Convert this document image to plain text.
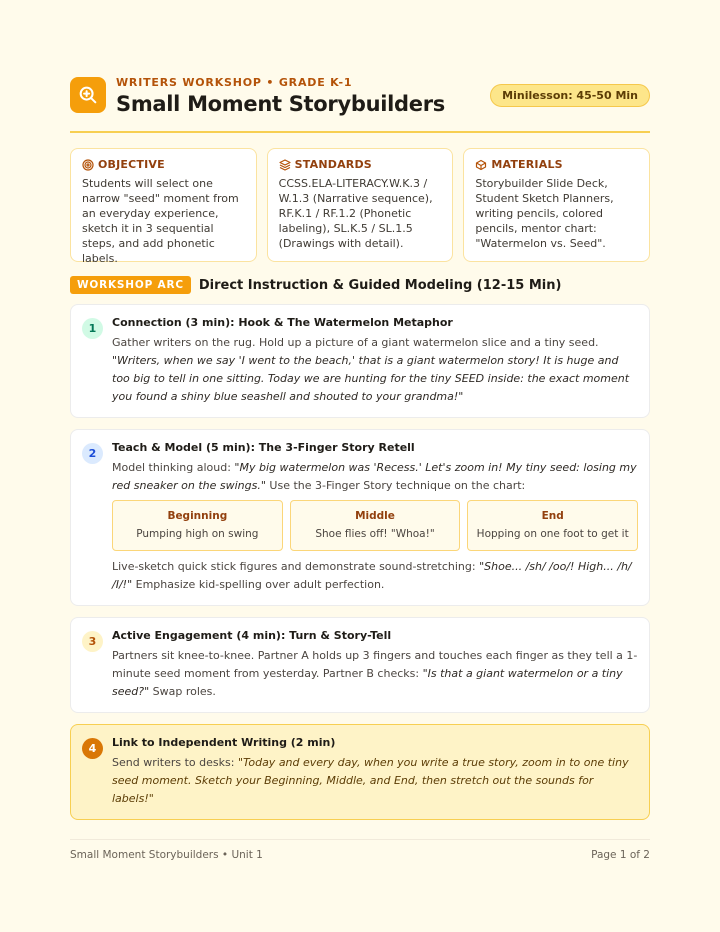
WRITERS WORKSHOP • GRADE K-1
Small Moment Storybuilders	Minilesson: 45-50 Min
OBJECTIVE
Students will select one narrow "seed" moment from an everyday experience, sketch it in 3 sequential steps, and add phonetic labels.
STANDARDS
CCSS.ELA-LITERACY.W.K.3 / W.1.3 (Narrative sequence), RF.K.1 / RF.1.2 (Phonetic labeling), SL.K.5 / SL.1.5 (Drawings with detail).
MATERIALS
Storybuilder Slide Deck, Student Sketch Planners, writing pencils, colored pencils, mentor chart: "Watermelon vs. Seed".
WORKSHOP ARC	Direct Instruction & Guided Modeling (12-15 Min)
1	Connection (3 min): Hook & The Watermelon Metaphor
Gather writers on the rug. Hold up a picture of a giant watermelon slice and a tiny seed. "Writers, when we say 'I went to the beach,' that is a giant watermelon story! It is huge and too big to tell in one sitting. Today we are hunting for the tiny SEED inside: the exact moment you found a shiny blue seashell and shouted to your grandma!"
2	Teach & Model (5 min): The 3-Finger Story Retell
Model thinking aloud: "My big watermelon was 'Recess.' Let's zoom in! My tiny seed: losing my red sneaker on the swings." Use the 3-Finger Story technique on the chart:
Beginning
Pumping high on swing
Middle
Shoe flies off! "Whoa!"
End
Hopping on one foot to get it
Live-sketch quick stick figures and demonstrate sound-stretching: "Shoe... /sh/ /oo/! High... /h/ /I/!" Emphasize kid-spelling over adult perfection.
3	Active Engagement (4 min): Turn & Story-Tell
Partners sit knee-to-knee. Partner A holds up 3 fingers and touches each finger as they tell a 1-minute seed moment from yesterday. Partner B checks: "Is that a giant watermelon or a tiny seed?" Swap roles.
4	Link to Independent Writing (2 min)
Send writers to desks: "Today and every day, when you write a true story, zoom in to one tiny seed moment. Sketch your Beginning, Middle, and End, then stretch out the sounds for labels!"
Small Moment Storybuilders • Unit 1	Page 1 of 2
